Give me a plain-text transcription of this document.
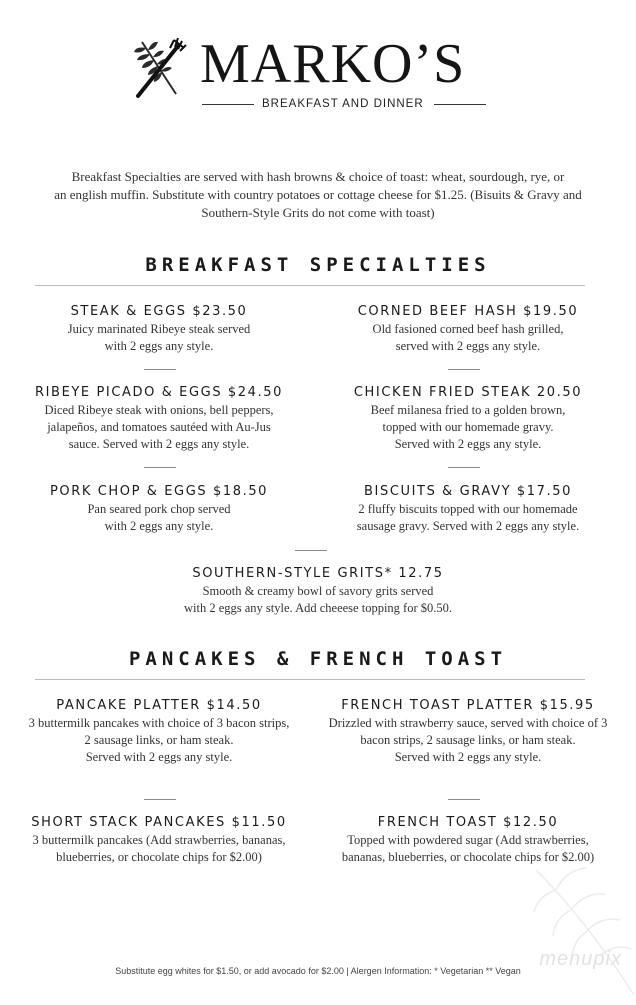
MARKO’S
BREAKFAST AND DINNER
Breakfast Specialties are served with hash browns & choice of toast: wheat, sourdough, rye, or
an english muffin. Substitute with country potatoes or cottage cheese for $1.25. (Bisuits & Gravy and
Southern-Style Grits do not come with toast)
BREAKFAST SPECIALTIES
STEAK & EGGS $23.50
Juicy marinated Ribeye steak served
with 2 eggs any style.
CORNED BEEF HASH $19.50
Old fasioned corned beef hash grilled,
served with 2 eggs any style.
RIBEYE PICADO & EGGS $24.50
Diced Ribeye steak with onions, bell peppers,
jalapeños, and tomatoes sautéed with Au-Jus
sauce. Served with 2 eggs any style.
CHICKEN FRIED STEAK 20.50
Beef milanesa fried to a golden brown,
topped with our homemade gravy.
Served with 2 eggs any style.
PORK CHOP & EGGS $18.50
Pan seared pork chop served
with 2 eggs any style.
BISCUITS & GRAVY $17.50
2 fluffy biscuits topped with our homemade
sausage gravy. Served with 2 eggs any style.
SOUTHERN-STYLE GRITS* 12.75
Smooth & creamy bowl of savory grits served
with 2 eggs any style. Add cheeese topping for $0.50.
PANCAKES & FRENCH TOAST
PANCAKE PLATTER $14.50
3 buttermilk pancakes with choice of 3 bacon strips,
2 sausage links, or ham steak.
Served with 2 eggs any style.
FRENCH TOAST PLATTER $15.95
Drizzled with strawberry sauce, served with choice of 3
bacon strips, 2 sausage links, or ham steak.
Served with 2 eggs any style.
SHORT STACK PANCAKES $11.50
3 buttermilk pancakes (Add strawberries, bananas,
blueberries, or chocolate chips for $2.00)
FRENCH TOAST $12.50
Topped with powdered sugar (Add strawberries,
bananas, blueberries, or chocolate chips for $2.00)
menupix
Substitute egg whites for $1.50, or add avocado for $2.00 | Alergen Information: * Vegetarian ** Vegan
